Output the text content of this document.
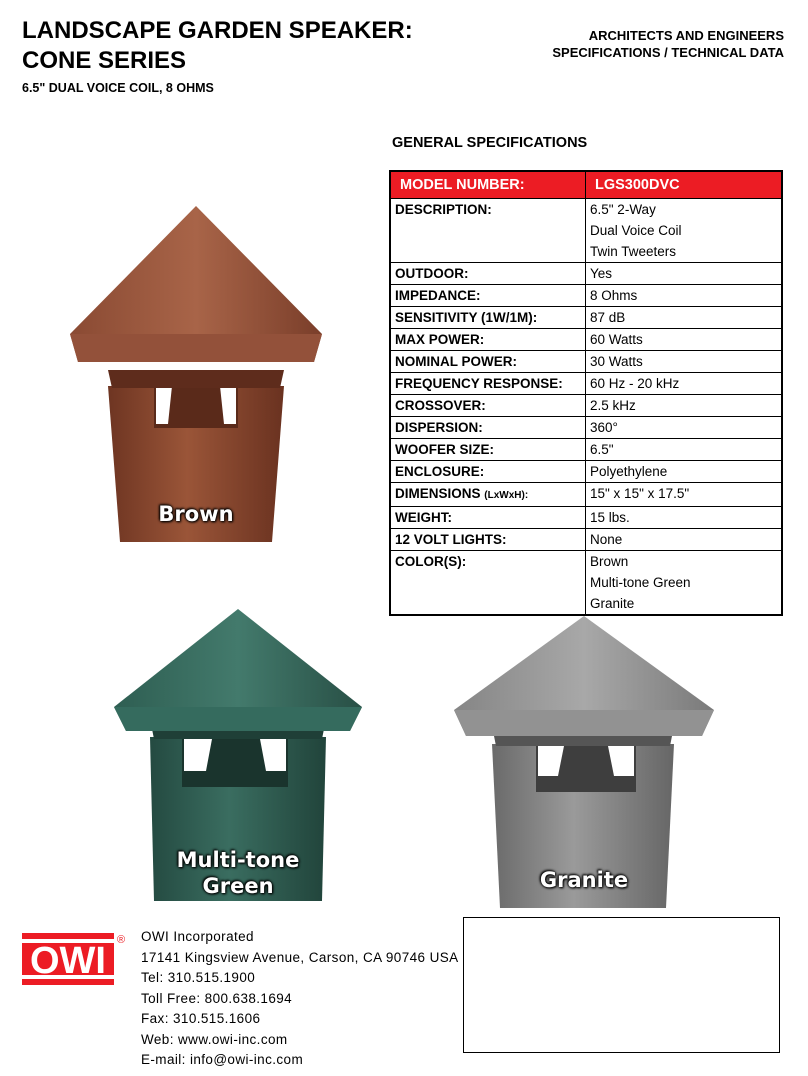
LANDSCAPE GARDEN SPEAKER:
CONE SERIES
6.5" DUAL VOICE COIL, 8 OHMS
ARCHITECTS AND ENGINEERS
SPECIFICATIONS / TECHNICAL DATA
GENERAL SPECIFICATIONS
MODEL NUMBER:	LGS300DVC
DESCRIPTION:	6.5" 2-Way
Dual Voice Coil
Twin Tweeters

OUTDOOR:	Yes
IMPEDANCE:	8 Ohms
SENSITIVITY (1W/1M):	87 dB
MAX POWER:	60 Watts
NOMINAL POWER:	30 Watts
FREQUENCY RESPONSE:	60 Hz - 20 kHz
CROSSOVER:	2.5 kHz
DISPERSION:	360°
WOOFER SIZE:	6.5"
ENCLOSURE:	Polyethylene
DIMENSIONS (LxWxH):	15" x 15" x 17.5"
WEIGHT:	15 lbs.
12 VOLT LIGHTS:	None
COLOR(S):	Brown
Multi-tone Green
Granite
Brown
Multi-tone
Green	Granite
OWI ® OWI Incorporated
17141 Kingsview Avenue, Carson, CA 90746 USA
Tel: 310.515.1900
Toll Free: 800.638.1694
Fax: 310.515.1606
Web: www.owi-inc.com
E-mail: info@owi-inc.com
